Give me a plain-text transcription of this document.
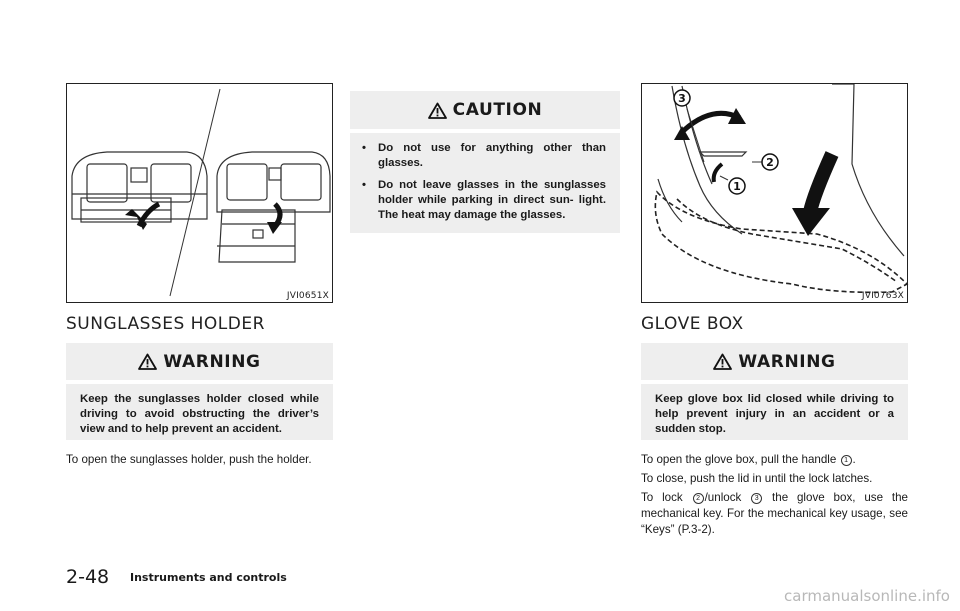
JVI0651X
SUNGLASSES HOLDER
WARNING
Keep the sunglasses holder closed while driving to avoid obstructing the driver’s view and to help prevent an accident.

To open the sunglasses holder, push the holder.

CAUTION
• Do not use for anything other than glasses.
• Do not leave glasses in the sunglasses holder while parking in direct sun- light. The heat may damage the glasses.
3
2
1
JVI0763X
GLOVE BOX
WARNING
Keep glove box lid closed while driving to help prevent injury in an accident or a sudden stop.

To open the glove box, pull the handle 1 .

To close, push the lid in until the lock latches.

To lock 2 /unlock 3 the glove box, use the mechanical key. For the mechanical key usage, see “Keys” (P.3-2).

2-48 Instruments and controls
carmanualsonline.info
